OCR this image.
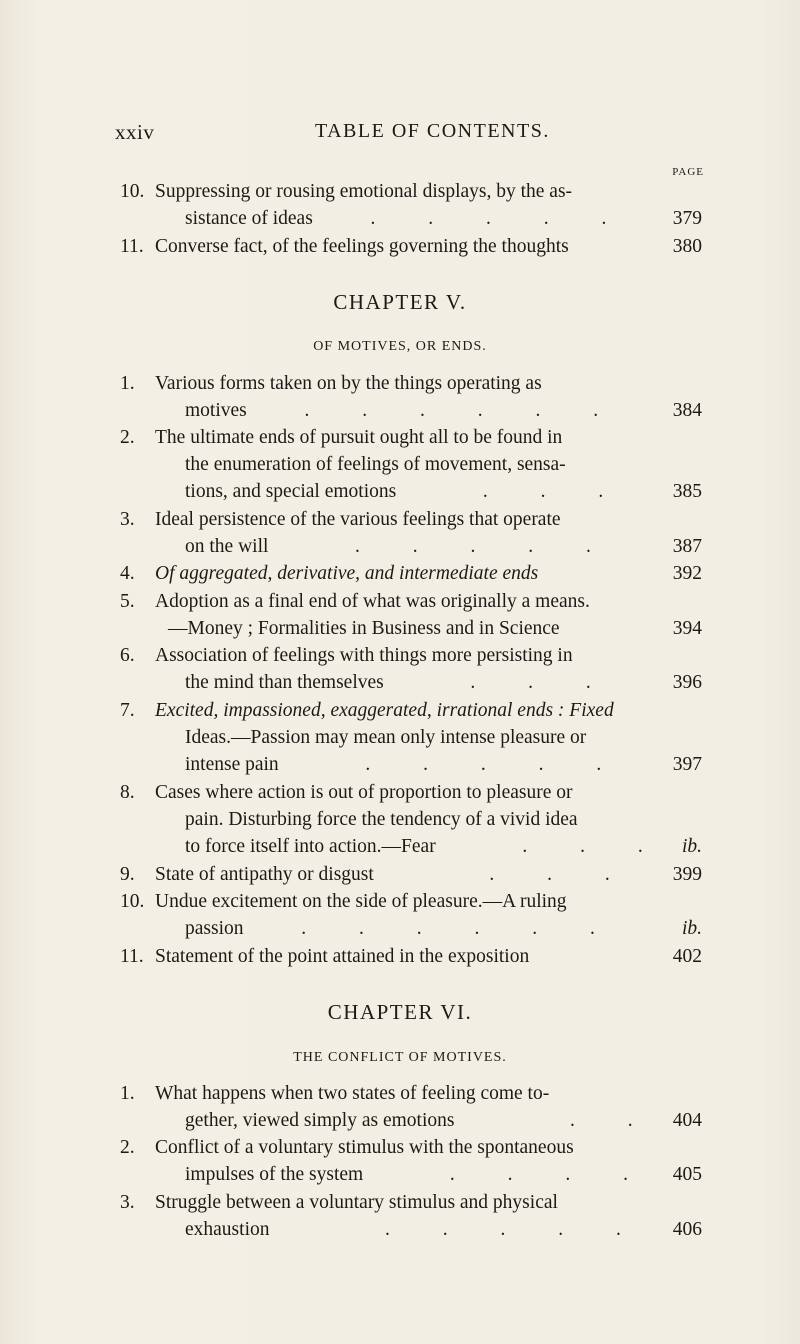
xxiv	TABLE OF CONTENTS.
PAGE
10. Suppressing or rousing emotional displays, by the as-
sistance of ideas  . . . . . 379
11. Converse fact, of the feelings governing the thoughts	380
CHAPTER V.
OF MOTIVES, OR ENDS.
1.	Various forms taken on by the things operating as
motives  . . . . . .	384
2.	The ultimate ends of pursuit ought all to be found in
the enumeration of feelings of movement, sensa-
tions, and special emotions   . . . 385
3.	Ideal persistence of the various feelings that operate
on the will   . . . . .	387
4.	Of aggregated, derivative, and intermediate ends	392
5.	Adoption as a final end of what was originally a means.
—Money ; Formalities in Business and in Science	394
6.	Association of feelings with things more persisting in
the mind than themselves   . . .	396
7.	Excited, impassioned, exaggerated, irrational ends : Fixed
Ideas.—Passion may mean only intense pleasure or
intense pain   . . . . . 397
8.	Cases where action is out of proportion to pleasure or
pain. Disturbing force the tendency of a vivid idea
to force itself into action.—Fear   . . . ib.
9.	State of antipathy or disgust    . . . 399
10. Undue excitement on the side of pleasure.—A ruling
passion  . . . . . .	ib.
11. Statement of the point attained in the exposition	402
CHAPTER VI.
THE CONFLICT OF MOTIVES.
1.	What happens when two states of feeling come to-
gether, viewed simply as emotions    . . 404
2.	Conflict of a voluntary stimulus with the spontaneous
impulses of the system   . . . . 405
3.	Struggle between a voluntary stimulus and physical
exhaustion    . . . . . 406
